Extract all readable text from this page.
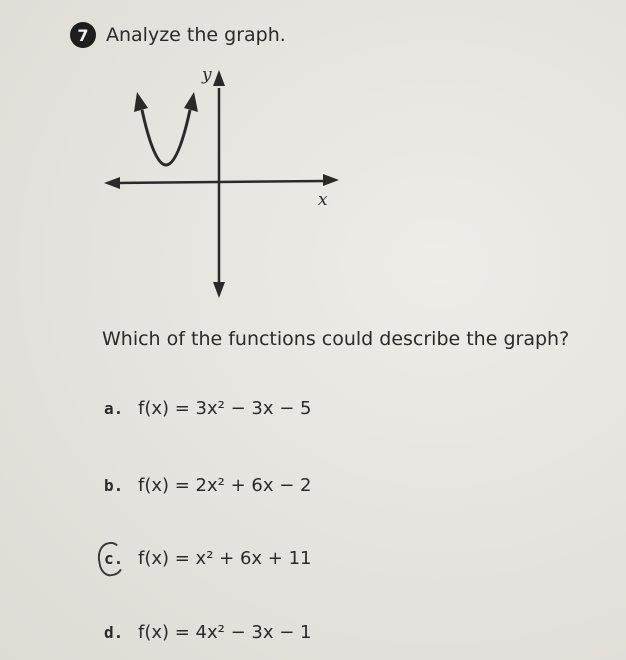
7 Analyze the graph.
y
x
Which of the functions could describe the graph?
a. f(x) = 3x² − 3x − 5
b. f(x) = 2x² + 6x − 2
c. f(x) = x² + 6x + 11
d. f(x) = 4x² − 3x − 1
